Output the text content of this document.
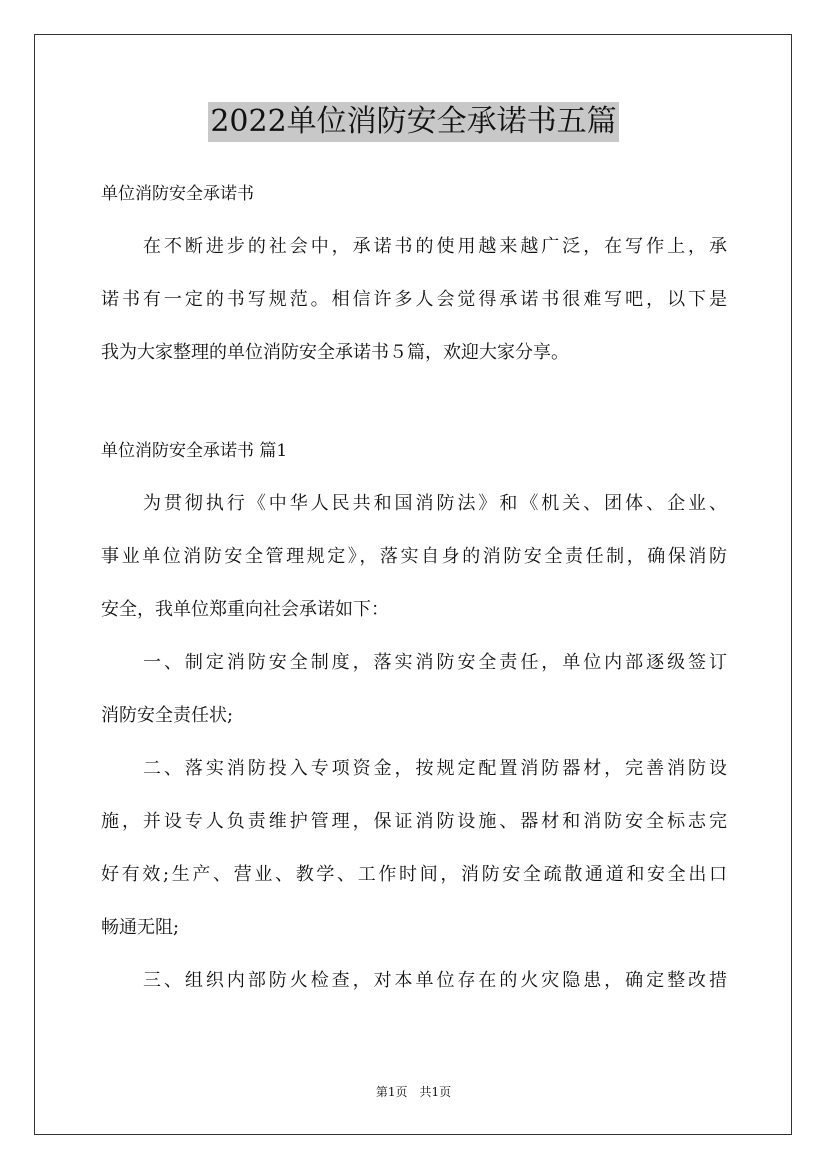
2022单位消防安全承诺书五篇
单位消防安全承诺书
在不断进步的社会中，承诺书的使用越来越广泛，在写作上，承
诺书有一定的书写规范。相信许多人会觉得承诺书很难写吧，以下是
我为大家整理的单位消防安全承诺书５篇，欢迎大家分享。
单位消防安全承诺书 篇1
为贯彻执行《中华人民共和国消防法》和《机关、团体、企业、
事业单位消防安全管理规定》，落实自身的消防安全责任制，确保消防
安全，我单位郑重向社会承诺如下：
一、制定消防安全制度，落实消防安全责任，单位内部逐级签订
消防安全责任状;
二、落实消防投入专项资金，按规定配置消防器材，完善消防设
施，并设专人负责维护管理，保证消防设施、器材和消防安全标志完
好有效;生产、营业、教学、工作时间，消防安全疏散通道和安全出口
畅通无阻;
三、组织内部防火检查，对本单位存在的火灾隐患，确定整改措
第1页　共1页
